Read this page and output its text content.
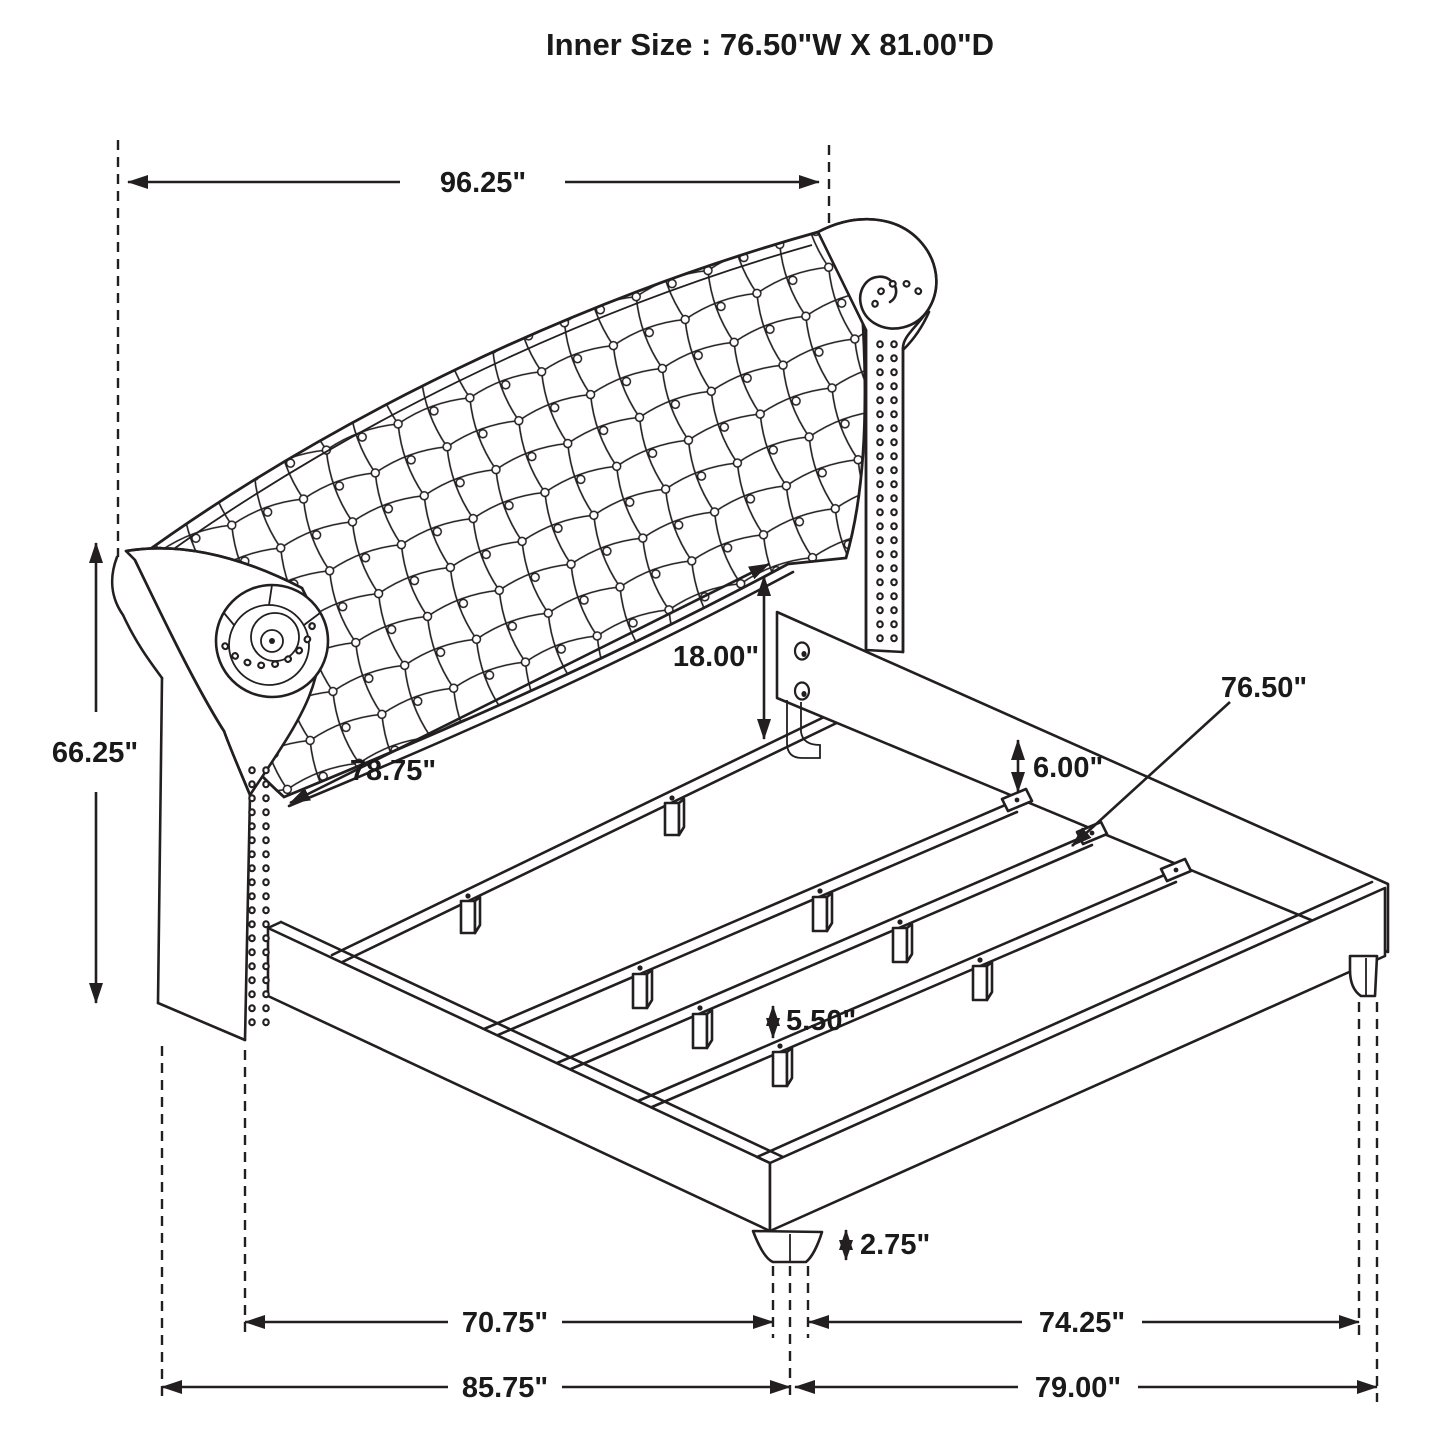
96.25"
66.25"
78.75"
18.00"
6.00"
76.50"
5.50"
2.75"
70.75"	74.25"
85.75"	79.00"
Inner Size : 76.50"W X 81.00"D
